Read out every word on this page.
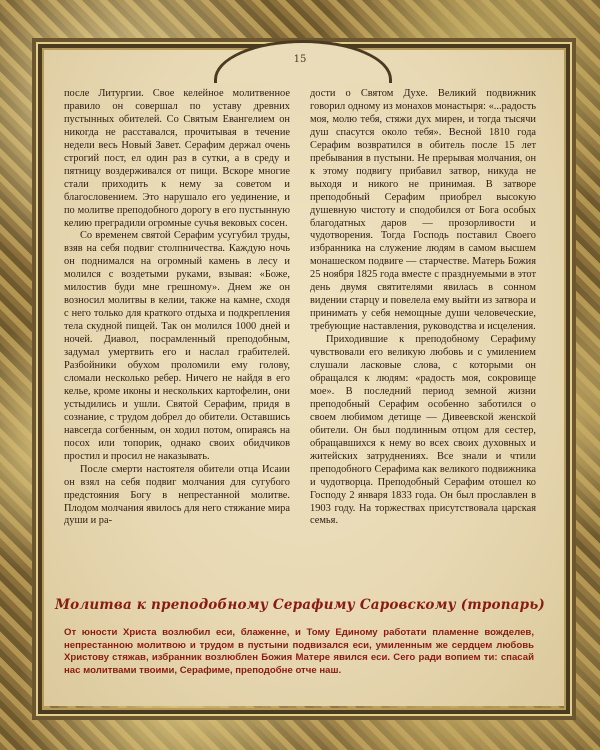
15

после Литургии. Свое келейное молитвенное правило он совершал по уставу древних пустынных обителей. Со Святым Евангелием он никогда не расставался, прочитывая в течение недели весь Новый Завет. Серафим держал очень строгий пост, ел один раз в сутки, а в среду и пятницу воздерживался от пищи. Вскоре многие стали приходить к нему за советом и благословением. Это нарушало его уединение, и по молитве преподобного дорогу в его пустынную келию преградили огромные сучья вековых сосен.

Со временем святой Серафим усугубил труды, взяв на себя подвиг столпничества. Каждую ночь он поднимался на огромный камень в лесу и молился с воздетыми руками, взывая: «Боже, милостив буди мне грешному». Днем же он возносил молитвы в келии, также на камне, сходя с него только для краткого отдыха и подкрепления тела скудной пищей. Так он молился 1000 дней и ночей. Диавол, посрамленный преподобным, задумал умертвить его и наслал грабителей. Разбойники обухом проломили ему голову, сломали несколько ребер. Ничего не найдя в его келье, кроме иконы и нескольких картофелин, они устыдились и ушли. Святой Серафим, придя в сознание, с трудом добрел до обители. Оставшись навсегда согбенным, он ходил потом, опираясь на посох или топорик, однако своих обидчиков простил и просил не наказывать.

После смерти настоятеля обители отца Исаии он взял на себя подвиг молчания для сугубого предстояния Богу в непрестанной молитве. Плодом молчания явилось для него стяжание мира души и ра-

дости о Святом Духе. Великий подвижник говорил одному из монахов монастыря: «...радость моя, молю тебя, стяжи дух мирен, и тогда тысячи душ спасутся около тебя». Весной 1810 года Серафим возвратился в обитель после 15 лет пребывания в пустыни. Не прерывая молчания, он к этому подвигу прибавил затвор, никуда не выходя и никого не принимая. В затворе преподобный Серафим приобрел высокую душевную чистоту и сподобился от Бога особых благодатных даров — прозорливости и чудотворения. Тогда Господь поставил Своего избранника на служение людям в самом высшем монашеском подвиге — старчестве. Матерь Божия 25 ноября 1825 года вместе с празднуемыми в этот день двумя святителями явилась в сонном видении старцу и повелела ему выйти из затвора и принимать у себя немощные души человеческие, требующие наставления, руководства и исцеления.

Приходившие к преподобному Серафиму чувствовали его великую любовь и с умилением слушали ласковые слова, с которыми он обращался к людям: «радость моя, сокровище мое». В последний период земной жизни преподобный Серафим особенно заботился о своем любимом детище — Дивеевской женской обители. Он был подлинным отцом для сестер, обращавшихся к нему во всех своих духовных и житейских затруднениях. Все знали и чтили преподобного Серафима как великого подвижника и чудотворца. Преподобный Серафим отошел ко Господу 2 января 1833 года. Он был прославлен в 1903 году. На торжествах присутствовала царская семья.

Молитва к преподобному Серафиму Саровскому (тропарь)
От юности Христа возлюбил еси, блаженне, и Тому Единому работати пламенне вожделев, непрестанною молитвою и трудом в пустыни подвизался еси, умиленным же сердцем любовь Христову стяжав, избранник возлюблен Божия Матере явился еси. Сего ради вопием ти: спасай нас молитвами твоими, Серафиме, преподобне отче наш.
